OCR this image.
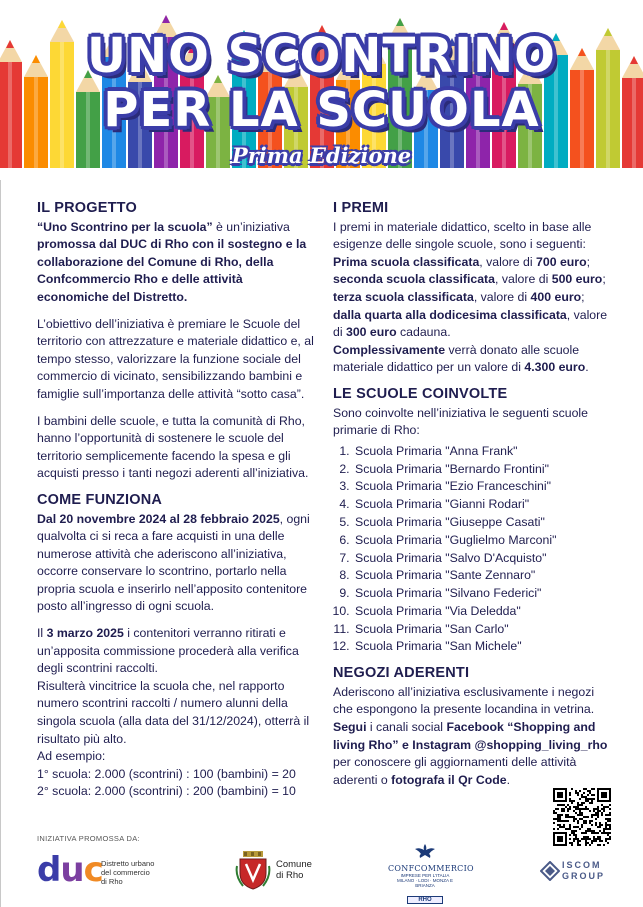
UNO SCONTRINO
PER LA SCUOLA
Prima Edizione
IL PROGETTO

“Uno Scontrino per la scuola” è un’iniziativa promossa dal DUC di Rho con il sostegno e la collaborazione del Comune di Rho, della Confcommercio Rho e delle attività economiche del Distretto.

L’obiettivo dell’iniziativa è premiare le Scuole del territorio con attrezzature e materiale didattico e, al tempo stesso, valorizzare la funzione sociale del commercio di vicinato, sensibilizzando bambini e famiglie sull’importanza delle attività “sotto casa”.

I bambini delle scuole, e tutta la comunità di Rho, hanno l’opportunità di sostenere le scuole del territorio semplicemente facendo la spesa e gli acquisti presso i tanti negozi aderenti all’iniziativa.

COME FUNZIONA

Dal 20 novembre 2024 al 28 febbraio 2025, ogni qualvolta ci si reca a fare acquisti in una delle numerose attività che aderiscono all’iniziativa, occorre conservare lo scontrino, portarlo nella propria scuola e inserirlo nell’apposito contenitore posto all’ingresso di ogni scuola.

Il 3 marzo 2025 i contenitori verranno ritirati e un’apposita commissione procederà alla verifica degli scontrini raccolti.

Risulterà vincitrice la scuola che, nel rapporto numero scontrini raccolti / numero alunni della singola scuola (alla data del 31/12/2024), otterrà il risultato più alto.

Ad esempio:

1° scuola: 2.000 (scontrini) : 100 (bambini) = 20

2° scuola: 2.000 (scontrini) : 200 (bambini) = 10

I PREMI

I premi in materiale didattico, scelto in base alle esigenze delle singole scuole, sono i seguenti:

Prima scuola classificata, valore di 700 euro; seconda scuola classificata, valore di 500 euro; terza scuola classificata, valore di 400 euro; dalla quarta alla dodicesima classificata, valore di 300 euro cadauna.

Complessivamente verrà donato alle scuole materiale didattico per un valore di 4.300 euro.

LE SCUOLE COINVOLTE

Sono coinvolte nell’iniziativa le seguenti scuole primarie di Rho:

1. Scuola Primaria "Anna Frank"
2. Scuola Primaria "Bernardo Frontini"
3. Scuola Primaria "Ezio Franceschini"
4. Scuola Primaria "Gianni Rodari"
5. Scuola Primaria "Giuseppe Casati"
6. Scuola Primaria "Guglielmo Marconi"
7. Scuola Primaria "Salvo D'Acquisto"
8. Scuola Primaria "Sante Zennaro"
9. Scuola Primaria "Silvano Federici"
10. Scuola Primaria "Via Deledda"
11. Scuola Primaria "San Carlo"
12. Scuola Primaria "San Michele"
NEGOZI ADERENTI

Aderiscono all’iniziativa esclusivamente i negozi che espongono la presente locandina in vetrina.

Segui i canali social Facebook “Shopping and living Rho” e Instagram @shopping_living_rho per conoscere gli aggiornamenti delle attività aderenti o fotografa il Qr Code.

INIZIATIVA PROMOSSA DA:
duc
Distretto urbano
del commercio
di Rho
Comune
di Rho
CONFCOMMERCIO
IMPRESE PER L'ITALIA
MILANO · LODI · MONZA E BRIANZA
RHO
ISCOM
GROUP
